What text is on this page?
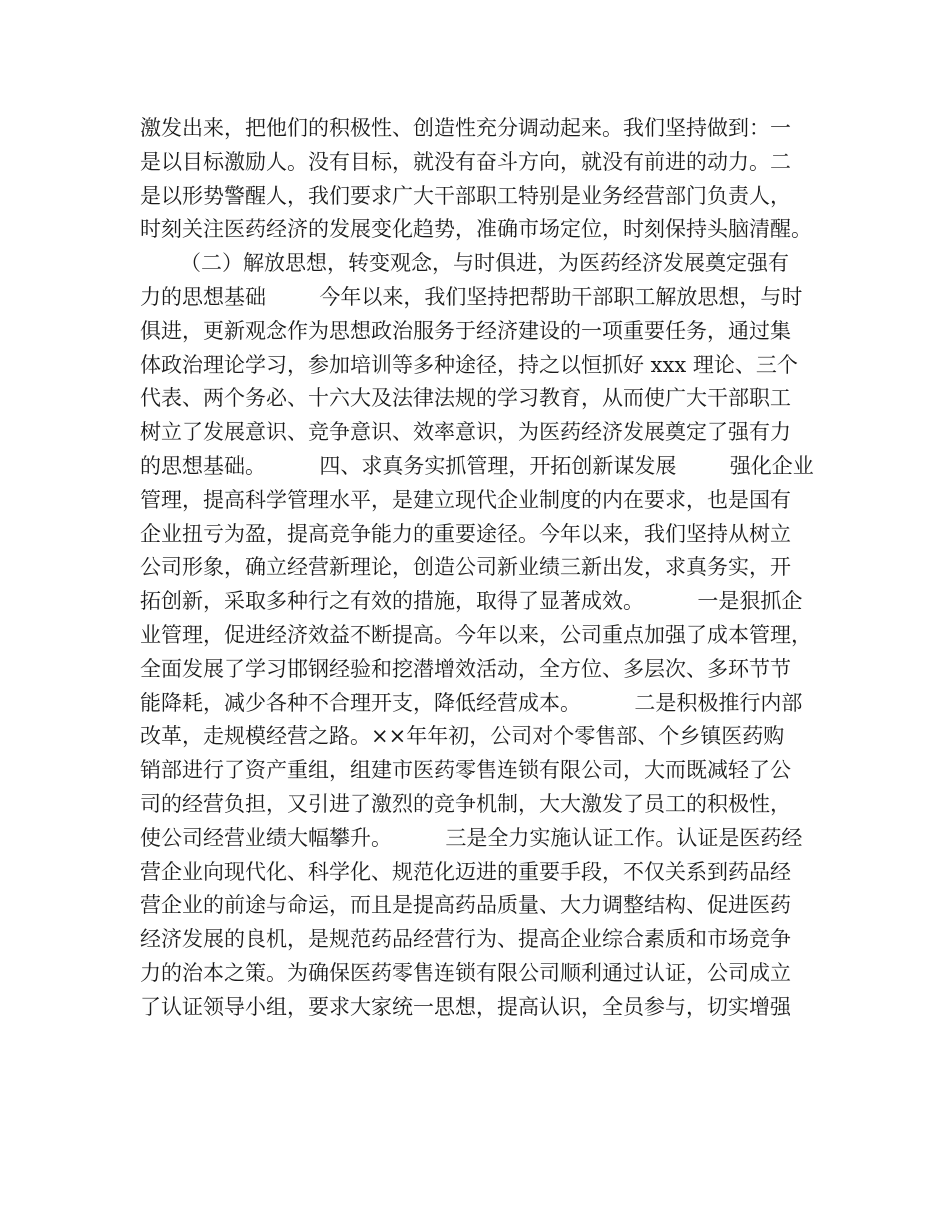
激发出来，把他们的积极性、创造性充分调动起来。我们坚持做到：一
是以目标激励人。没有目标，就没有奋斗方向，就没有前进的动力。二
是以形势警醒人，我们要求广大干部职工特别是业务经营部门负责人，
时刻关注医药经济的发展变化趋势，准确市场定位，时刻保持头脑清醒。
（二）解放思想，转变观念，与时俱进，为医药经济发展奠定强有
力的思想基础        今年以来，我们坚持把帮助干部职工解放思想，与时
俱进，更新观念作为思想政治服务于经济建设的一项重要任务，通过集
体政治理论学习，参加培训等多种途径，持之以恒抓好 xxx 理论、三个
代表、两个务必、十六大及法律法规的学习教育，从而使广大干部职工
树立了发展意识、竞争意识、效率意识，为医药经济发展奠定了强有力
的思想基础。        四、求真务实抓管理，开拓创新谋发展        强化企业
管理，提高科学管理水平，是建立现代企业制度的内在要求，也是国有
企业扭亏为盈，提高竞争能力的重要途径。今年以来，我们坚持从树立
公司形象，确立经营新理论，创造公司新业绩三新出发，求真务实，开
拓创新，采取多种行之有效的措施，取得了显著成效。        一是狠抓企
业管理，促进经济效益不断提高。今年以来，公司重点加强了成本管理，
全面发展了学习邯钢经验和挖潜增效活动，全方位、多层次、多环节节
能降耗，减少各种不合理开支，降低经营成本。        二是积极推行内部
改革，走规模经营之路。××年年初，公司对个零售部、个乡镇医药购
销部进行了资产重组，组建市医药零售连锁有限公司，大而既减轻了公
司的经营负担，又引进了激烈的竞争机制，大大激发了员工的积极性，
使公司经营业绩大幅攀升。        三是全力实施认证工作。认证是医药经
营企业向现代化、科学化、规范化迈进的重要手段，不仅关系到药品经
营企业的前途与命运，而且是提高药品质量、大力调整结构、促进医药
经济发展的良机，是规范药品经营行为、提高企业综合素质和市场竞争
力的治本之策。为确保医药零售连锁有限公司顺利通过认证，公司成立
了认证领导小组，要求大家统一思想，提高认识，全员参与，切实增强
